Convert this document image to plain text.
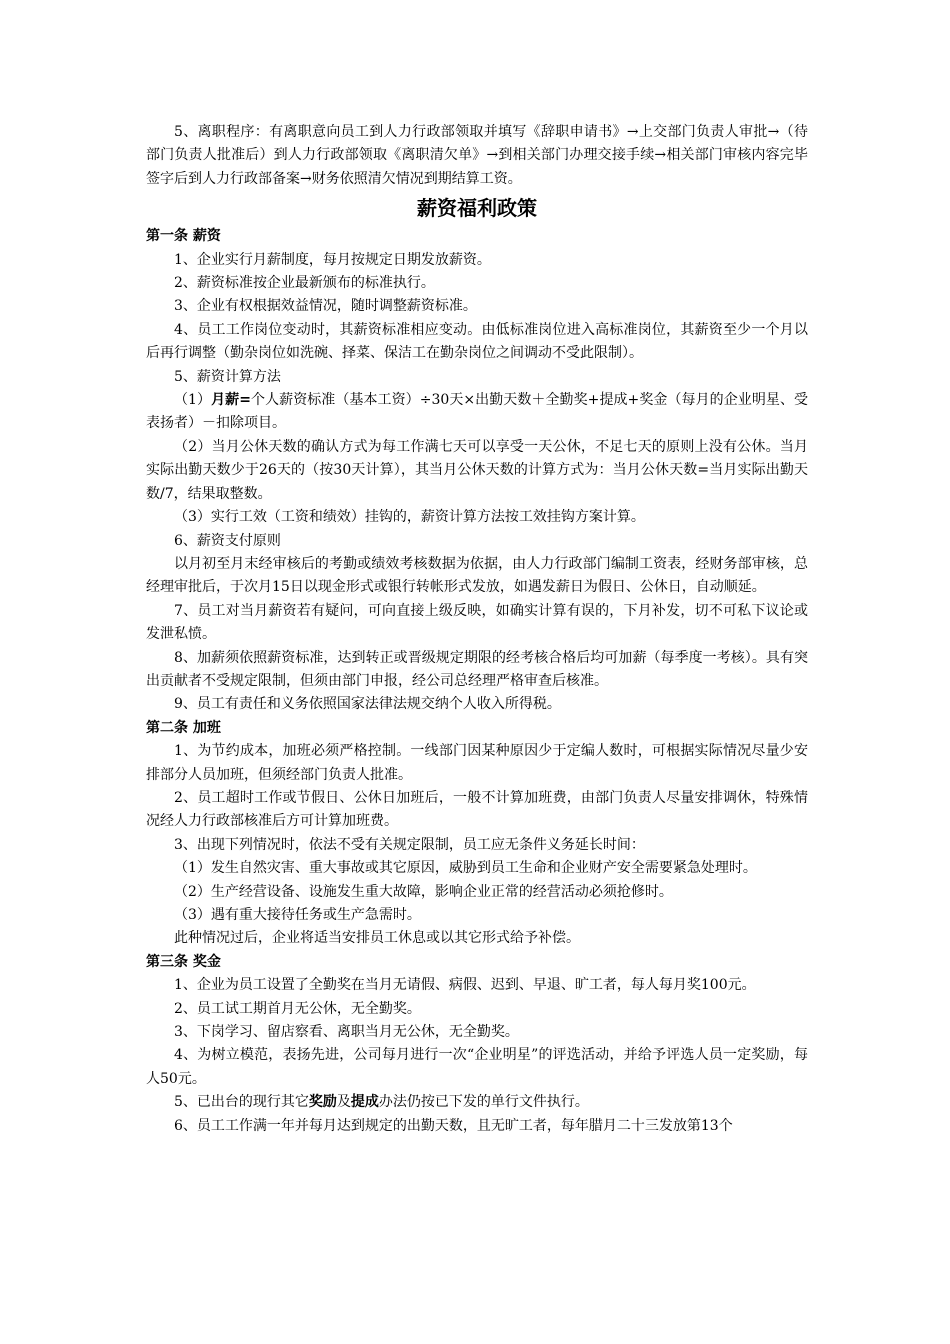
5、离职程序：有离职意向员工到人力行政部领取并填写《辞职申请书》→上交部门负责人审批→（待部门负责人批准后）到人力行政部领取《离职清欠单》→到相关部门办理交接手续→相关部门审核内容完毕签字后到人力行政部备案→财务依照清欠情况到期结算工资。

薪资福利政策

第一条 薪资

1、企业实行月薪制度，每月按规定日期发放薪资。

2、薪资标准按企业最新颁布的标准执行。

3、企业有权根据效益情况，随时调整薪资标准。

4、员工工作岗位变动时，其薪资标准相应变动。由低标准岗位进入高标准岗位，其薪资至少一个月以后再行调整（勤杂岗位如洗碗、择菜、保洁工在勤杂岗位之间调动不受此限制）。

5、薪资计算方法

（1）月薪=个人薪资标准（基本工资）÷30天×出勤天数＋全勤奖+提成+奖金（每月的企业明星、受表扬者）－扣除项目。

（2）当月公休天数的确认方式为每工作满七天可以享受一天公休，不足七天的原则上没有公休。当月实际出勤天数少于26天的（按30天计算），其当月公休天数的计算方式为：当月公休天数=当月实际出勤天数/7，结果取整数。

（3）实行工效（工资和绩效）挂钩的，薪资计算方法按工效挂钩方案计算。

6、薪资支付原则

以月初至月末经审核后的考勤或绩效考核数据为依据，由人力行政部门编制工资表，经财务部审核，总经理审批后，于次月15日以现金形式或银行转帐形式发放，如遇发薪日为假日、公休日，自动顺延。

7、员工对当月薪资若有疑问，可向直接上级反映，如确实计算有误的，下月补发，切不可私下议论或发泄私愤。

8、加薪须依照薪资标准，达到转正或晋级规定期限的经考核合格后均可加薪（每季度一考核）。具有突出贡献者不受规定限制，但须由部门申报，经公司总经理严格审查后核准。

9、员工有责任和义务依照国家法律法规交纳个人收入所得税。

第二条 加班

1、为节约成本，加班必须严格控制。一线部门因某种原因少于定编人数时，可根据实际情况尽量少安排部分人员加班，但须经部门负责人批准。

2、员工超时工作或节假日、公休日加班后，一般不计算加班费，由部门负责人尽量安排调休，特殊情况经人力行政部核准后方可计算加班费。

3、出现下列情况时，依法不受有关规定限制，员工应无条件义务延长时间：

（1）发生自然灾害、重大事故或其它原因，威胁到员工生命和企业财产安全需要紧急处理时。

（2）生产经营设备、设施发生重大故障，影响企业正常的经营活动必须抢修时。

（3）遇有重大接待任务或生产急需时。

此种情况过后，企业将适当安排员工休息或以其它形式给予补偿。

第三条 奖金

1、企业为员工设置了全勤奖在当月无请假、病假、迟到、早退、旷工者，每人每月奖100元。

2、员工试工期首月无公休，无全勤奖。

3、下岗学习、留店察看、离职当月无公休，无全勤奖。

4、为树立模范，表扬先进，公司每月进行一次“企业明星”的评选活动，并给予评选人员一定奖励，每人50元。

5、已出台的现行其它奖励及提成办法仍按已下发的单行文件执行。

6、员工工作满一年并每月达到规定的出勤天数，且无旷工者，每年腊月二十三发放第13个
